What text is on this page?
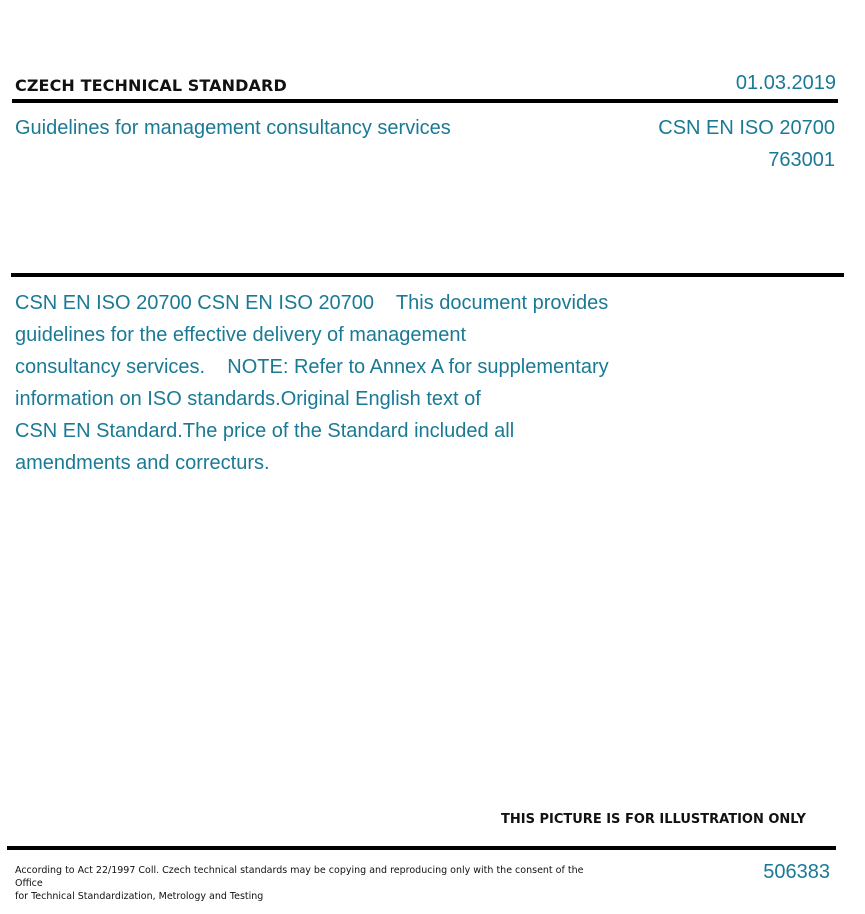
CZECH TECHNICAL STANDARD	01.03.2019
Guidelines for management consultancy services	CSN EN ISO 20700
763001
CSN EN ISO 20700 CSN EN ISO 20700    This document provides
guidelines for the effective delivery of management
consultancy services.    NOTE: Refer to Annex A for supplementary
information on ISO standards.Original English text of
CSN EN Standard.The price of the Standard included all
amendments and correcturs.
THIS PICTURE IS FOR ILLUSTRATION ONLY
According to Act 22/1997 Coll. Czech technical standards may be copying and reproducing only with the consent of the Office
for Technical Standardization, Metrology and Testing
506383
